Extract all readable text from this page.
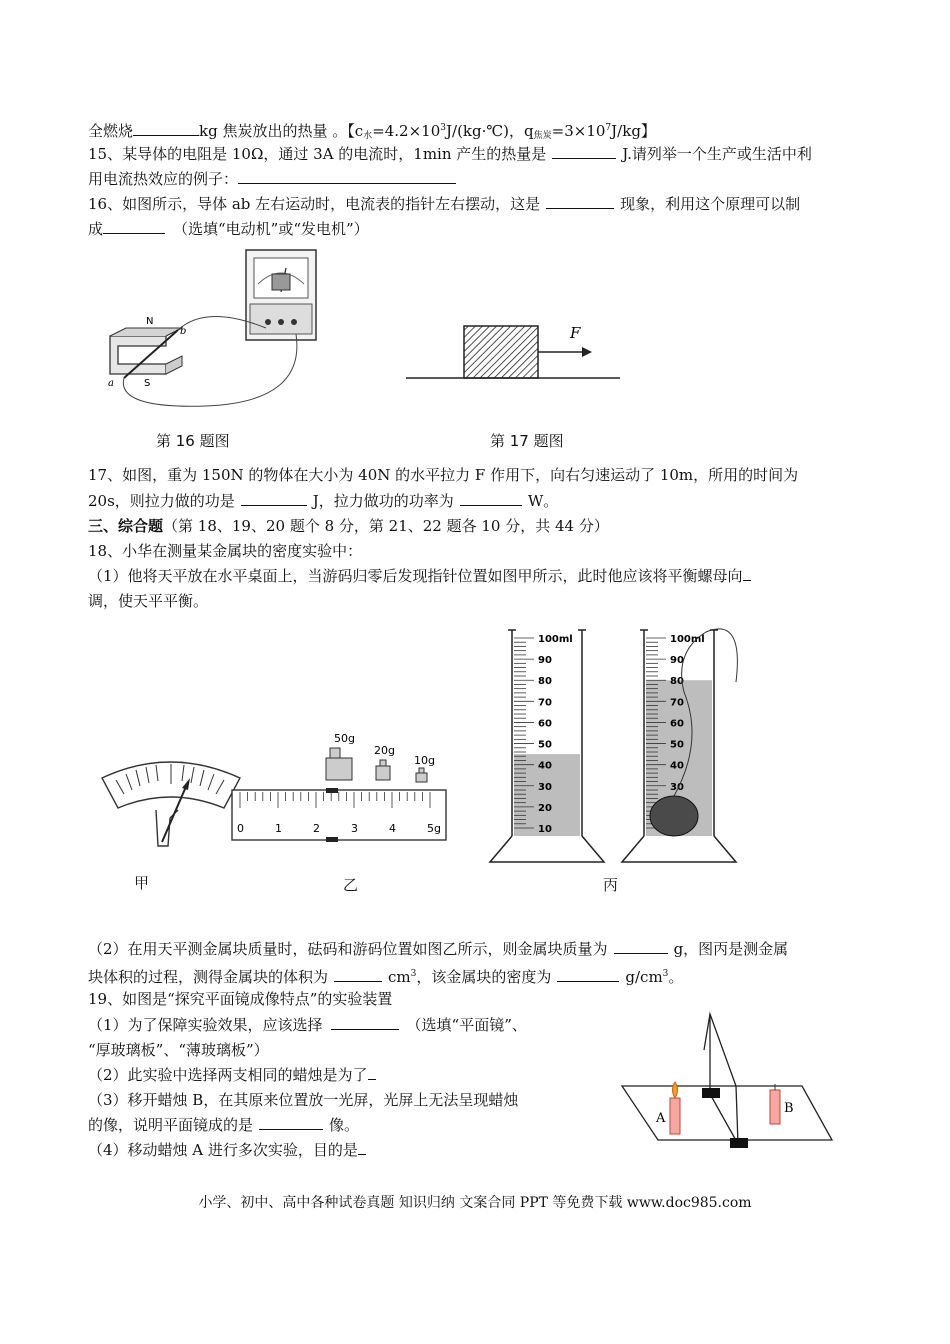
全燃烧	kg 焦炭放出的热量 。【$c_水=4.2\times 10^3J/(kg\cdot℃)$，$q_{焦炭}=3\times 10^7J/kg$】
15、某导体的电阻是 10Ω，通过 3A 的电流时，1min 产生的热量是	J.请列举一个生产或生活中利
用电流热效应的例子：
16、如图所示，导体 ab 左右运动时，电流表的指针左右摆动，这是	现象，利用这个原理可以制
成	（选填“电动机”或“发电机”）
N
S
a
b
第 16 题图
F
第 17 题图
17、如图，重为 150N 的物体在大小为 40N 的水平拉力 F 作用下，向右匀速运动了 10m，所用的时间为
20s，则拉力做的功是	J，拉力做功的功率为	W。
三、综合题（第 18、19、20 题个 8 分，第 21、22 题各 10 分，共 44 分）
18、小华在测量某金属块的密度实验中：
（1）他将天平放在水平桌面上，当游码归零后发现指针位置如图甲所示，此时他应该将平衡螺母向
调，使天平平衡。
50g
20g
10g
0	1	2	3	4	5g
100ml
90
80
70
60
50
40
30
20
10
100ml
90
80
70
60
50
40
30
甲	乙	丙
（2）在用天平测金属块质量时，砝码和游码位置如图乙所示，则金属块质量为	g，图丙是测金属
块体积的过程，测得金属块的体积为	$cm^3$，该金属块的密度为	$g/cm^3$。
19、如图是“探究平面镜成像特点”的实验装置
（1）为了保障实验效果，应该选择	（选填“平面镜”、
“厚玻璃板”、“薄玻璃板”）
（2）此实验中选择两支相同的蜡烛是为了
（3）移开蜡烛 B，在其原来位置放一光屏，光屏上无法呈现蜡烛
的像，说明平面镜成的是	像。
（4）移动蜡烛 A 进行多次实验，目的是
A
B
小学、初中、高中各种试卷真题 知识归纳 文案合同 PPT 等免费下载 www.doc985.com
